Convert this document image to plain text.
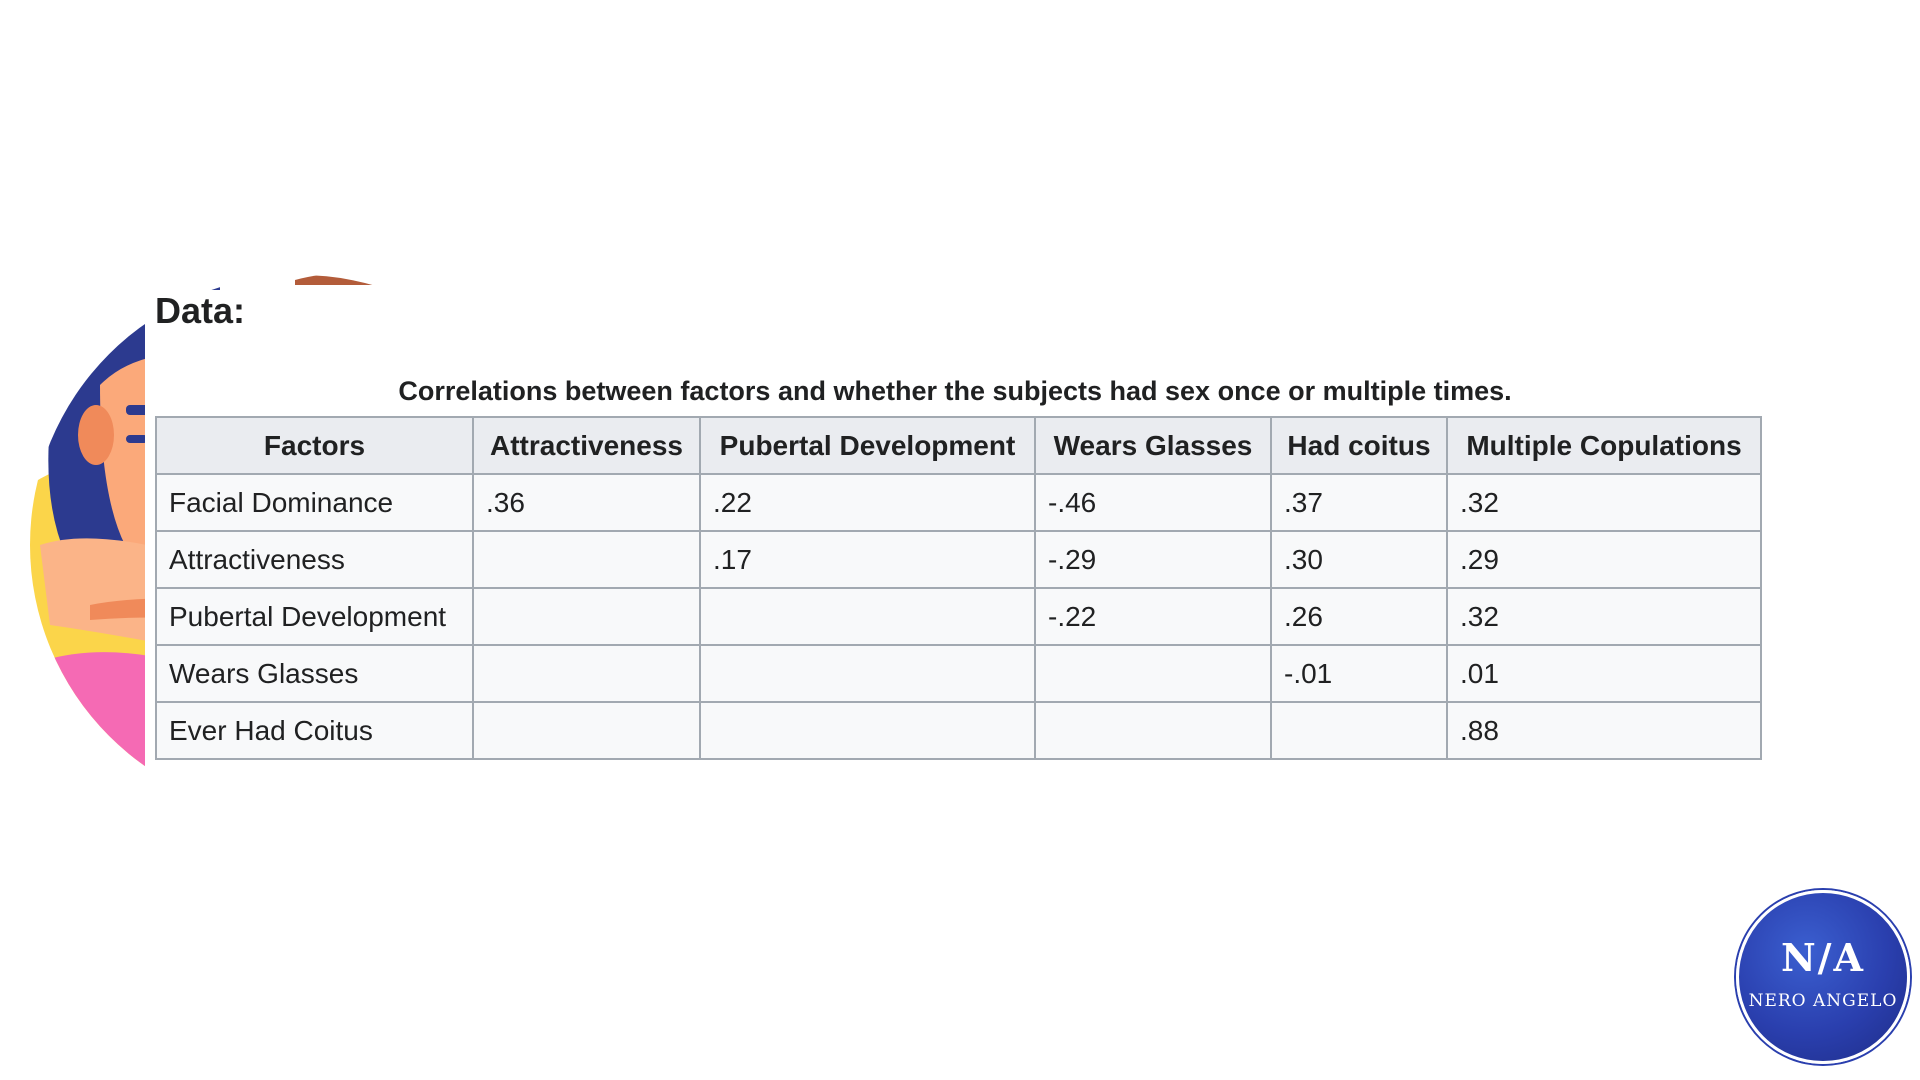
Data:
Correlations between factors and whether the subjects had sex once or multiple times.
Factors	Attractiveness	Pubertal Development	Wears Glasses	Had coitus	Multiple Copulations
Facial Dominance	.36	.22	-.46	.37	.32
Attractiveness		.17	-.29	.30	.29
Pubertal Development			-.22	.26	.32
Wears Glasses				-.01	.01
Ever Had Coitus					.88
N/A
NERO ANGELO
